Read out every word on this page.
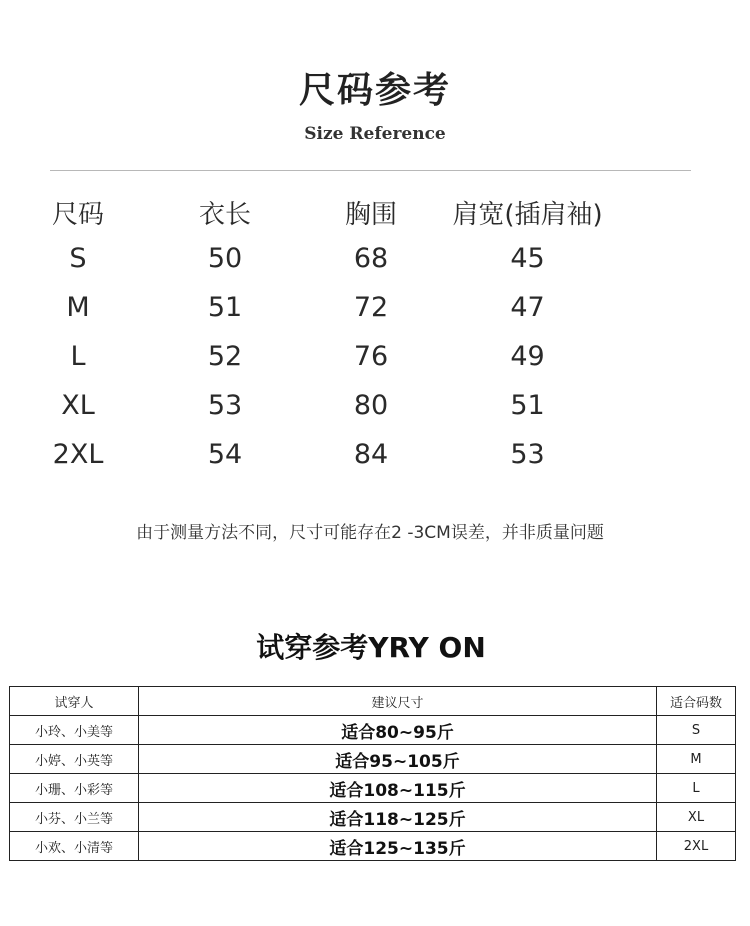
尺码参考
Size Reference
尺码	衣长	胸围	肩宽(插肩袖)
S	50	68	45
M	51	72	47
L	52	76	49
XL	53	80	51
2XL	54	84	53
由于测量方法不同，尺寸可能存在2 -3CM误差，并非质量问题
试穿参考YRY ON
试穿人	建议尺寸	适合码数
小玲、小美等	适合80~95斤	S
小婷、小英等	适合95~105斤	M
小珊、小彩等	适合108~115斤	L
小芬、小兰等	适合118~125斤	XL
小欢、小清等	适合125~135斤	2XL
